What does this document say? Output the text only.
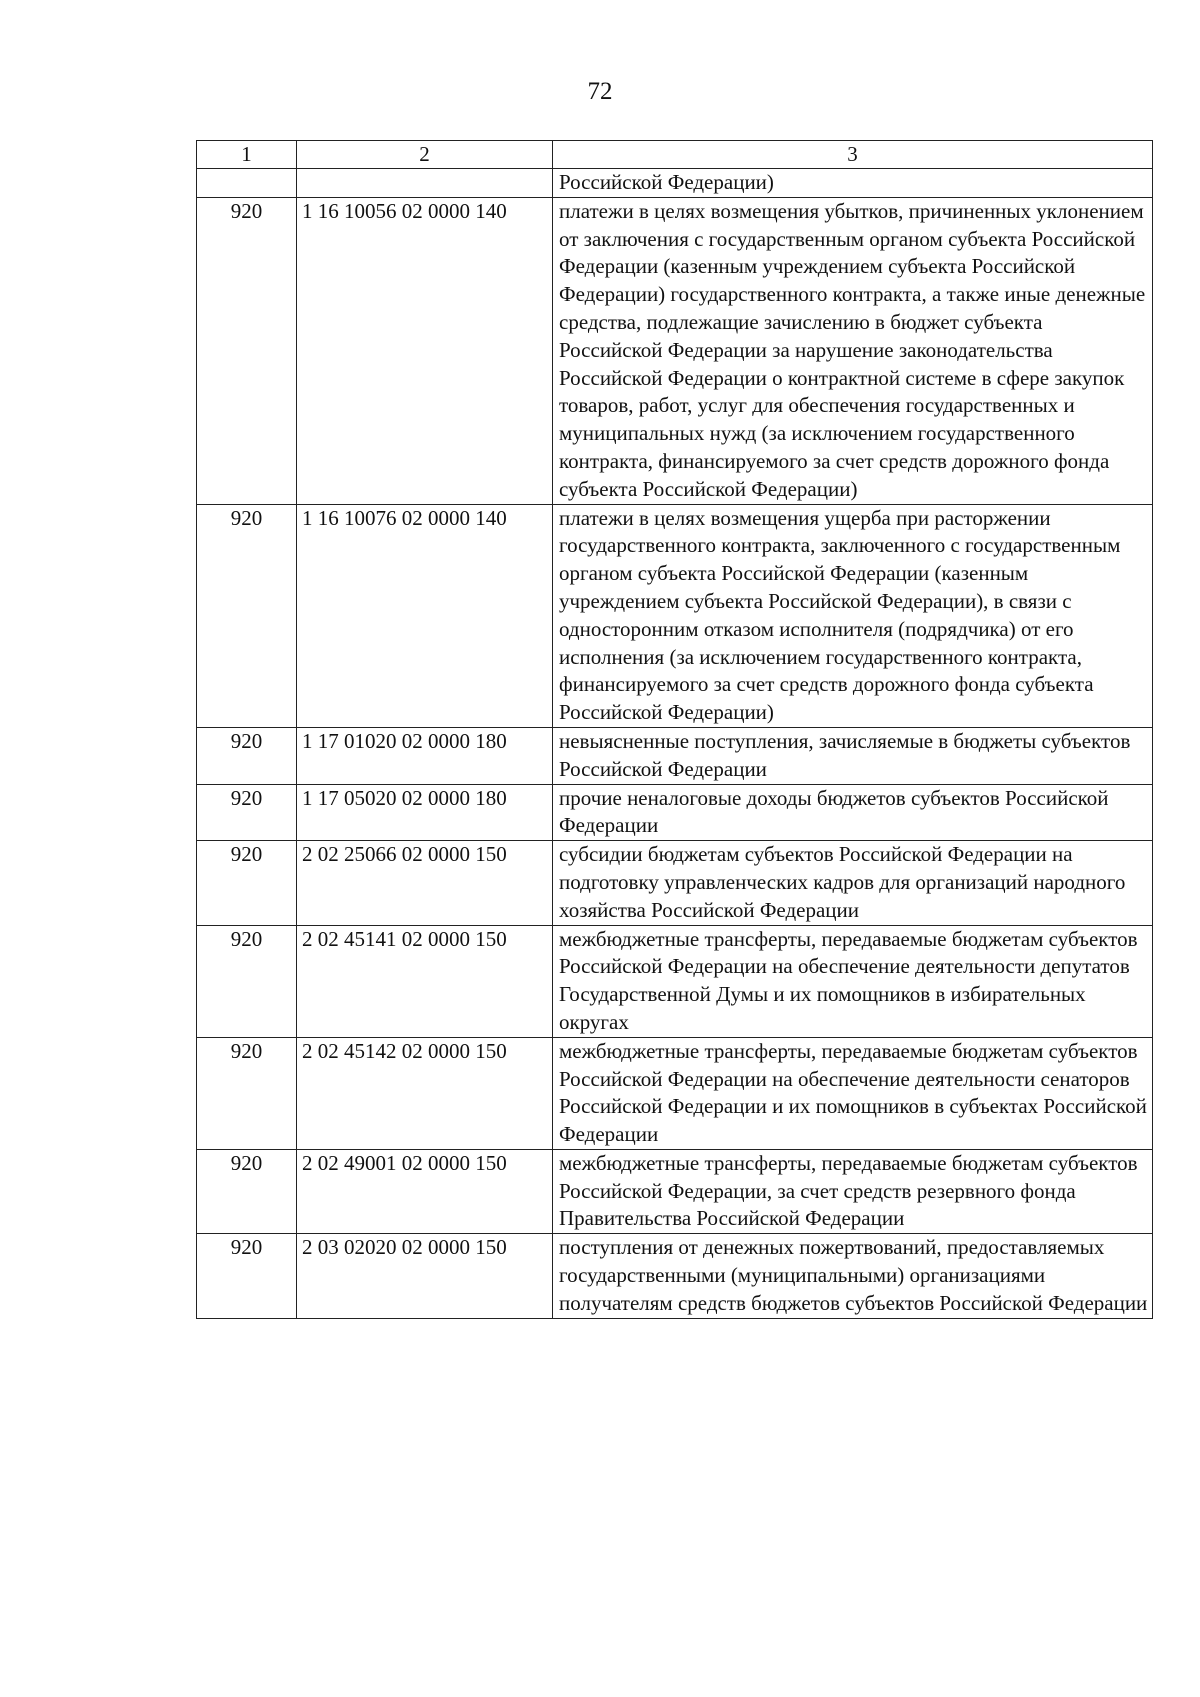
72
1	2	3
		Российской Федерации)
920	1 16 10056 02 0000 140	платежи в целях возмещения убытков, причиненных уклонением от заключения с государственным органом субъекта Российской Федерации (казенным учреждением субъекта Российской Федерации) государственного контракта, а также иные денежные средства, подлежащие зачислению в бюджет субъекта Российской Федерации за нарушение законодательства Российской Федерации о контрактной системе в сфере закупок товаров, работ, услуг для обеспечения государственных и муниципальных нужд (за исключением государственного контракта, финансируемого за счет средств дорожного фонда субъекта Российской Федерации)
920	1 16 10076 02 0000 140	платежи в целях возмещения ущерба при расторжении государственного контракта, заключенного с государственным органом субъекта Российской Федерации (казенным учреждением субъекта Российской Федерации), в связи с односторонним отказом исполнителя (подрядчика) от его исполнения (за исключением государственного контракта, финансируемого за счет средств дорожного фонда субъекта Российской Федерации)
920	1 17 01020 02 0000 180	невыясненные поступления, зачисляемые в бюджеты субъектов Российской Федерации
920	1 17 05020 02 0000 180	прочие неналоговые доходы бюджетов субъектов Российской Федерации
920	2 02 25066 02 0000 150	субсидии бюджетам субъектов Российской Федерации на подготовку управленческих кадров для организаций народного хозяйства Российской Федерации
920	2 02 45141 02 0000 150	межбюджетные трансферты, передаваемые бюджетам субъектов Российской Федерации на обеспечение деятельности депутатов Государственной Думы и их помощников в избирательных округах
920	2 02 45142 02 0000 150	межбюджетные трансферты, передаваемые бюджетам субъектов Российской Федерации на обеспечение деятельности сенаторов Российской Федерации и их помощников в субъектах Российской Федерации
920	2 02 49001 02 0000 150	межбюджетные трансферты, передаваемые бюджетам субъектов Российской Федерации, за счет средств резервного фонда Правительства Российской Федерации
920	2 03 02020 02 0000 150	поступления от денежных пожертвований, предоставляемых государственными (муниципальными) организациями получателям средств бюджетов субъектов Российской Федерации
